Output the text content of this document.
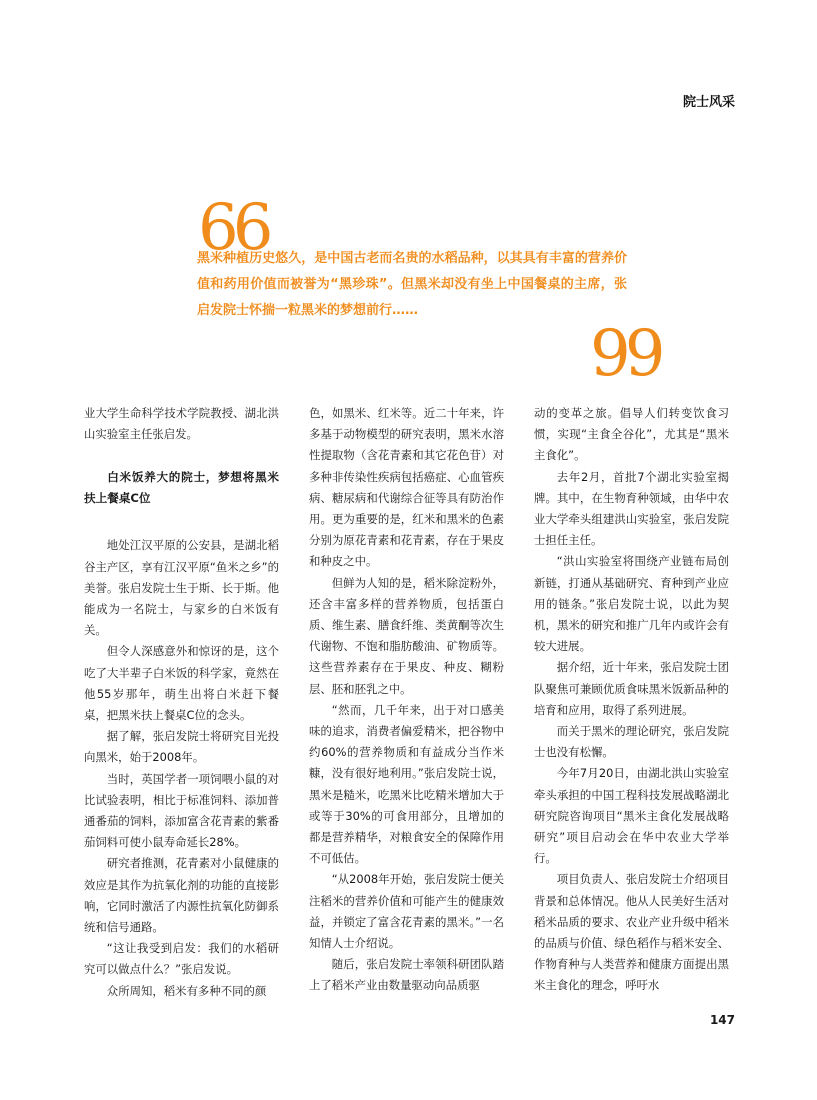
院士风采
66
黑米种植历史悠久，是中国古老而名贵的水稻品种，以其具有丰富的营养价值和药用价值而被誉为“黑珍珠”。但黑米却没有坐上中国餐桌的主席，张启发院士怀揣一粒黑米的梦想前行……
99

业大学生命科学技术学院教授、湖北洪山实验室主任张启发。

白米饭养大的院士，梦想将黑米扶上餐桌C位

地处江汉平原的公安县，是湖北稻谷主产区，享有江汉平原“鱼米之乡”的美誉。张启发院士生于斯、长于斯。他能成为一名院士，与家乡的白米饭有关。

但令人深感意外和惊讶的是，这个吃了大半辈子白米饭的科学家，竟然在他55岁那年，萌生出将白米赶下餐桌，把黑米扶上餐桌C位的念头。

据了解，张启发院士将研究目光投向黑米，始于2008年。

当时，英国学者一项饲喂小鼠的对比试验表明，相比于标准饲料、添加普通番茄的饲料，添加富含花青素的紫番茄饲料可使小鼠寿命延长28%。

研究者推测，花青素对小鼠健康的效应是其作为抗氧化剂的功能的直接影响，它同时激活了内源性抗氧化防御系统和信号通路。

“这让我受到启发：我们的水稻研究可以做点什么？”张启发说。

众所周知，稻米有多种不同的颜

色，如黑米、红米等。近二十年来，许多基于动物模型的研究表明，黑米水溶性提取物（含花青素和其它花色苷）对多种非传染性疾病包括癌症、心血管疾病、糖尿病和代谢综合征等具有防治作用。更为重要的是，红米和黑米的色素分别为原花青素和花青素，存在于果皮和种皮之中。

但鲜为人知的是，稻米除淀粉外，还含丰富多样的营养物质，包括蛋白质、维生素、膳食纤维、类黄酮等次生代谢物、不饱和脂肪酸油、矿物质等。这些营养素存在于果皮、种皮、糊粉层、胚和胚乳之中。

“然而，几千年来，出于对口感美味的追求，消费者偏爱精米，把谷物中约60%的营养物质和有益成分当作米糠，没有很好地利用。”张启发院士说，黑米是糙米，吃黑米比吃精米增加大于或等于30%的可食用部分，且增加的都是营养精华，对粮食安全的保障作用不可低估。

“从2008年开始，张启发院士便关注稻米的营养价值和可能产生的健康效益，并锁定了富含花青素的黑米。”一名知情人士介绍说。

随后，张启发院士率领科研团队踏上了稻米产业由数量驱动向品质驱

动的变革之旅。倡导人们转变饮食习惯，实现“主食全谷化”，尤其是“黑米主食化”。

去年2月，首批7个湖北实验室揭牌。其中，在生物育种领域，由华中农业大学牵头组建洪山实验室，张启发院士担任主任。

“洪山实验室将围绕产业链布局创新链，打通从基础研究、育种到产业应用的链条。”张启发院士说，以此为契机，黑米的研究和推广几年内或许会有较大进展。

据介绍，近十年来，张启发院士团队聚焦可兼顾优质食味黑米饭新品种的培育和应用，取得了系列进展。

而关于黑米的理论研究，张启发院士也没有松懈。

今年7月20日，由湖北洪山实验室牵头承担的中国工程科技发展战略湖北研究院咨询项目“黑米主食化发展战略研究”项目启动会在华中农业大学举行。

项目负责人、张启发院士介绍项目背景和总体情况。他从人民美好生活对稻米品质的要求、农业产业升级中稻米的品质与价值、绿色稻作与稻米安全、作物育种与人类营养和健康方面提出黑米主食化的理念，呼吁水

147
